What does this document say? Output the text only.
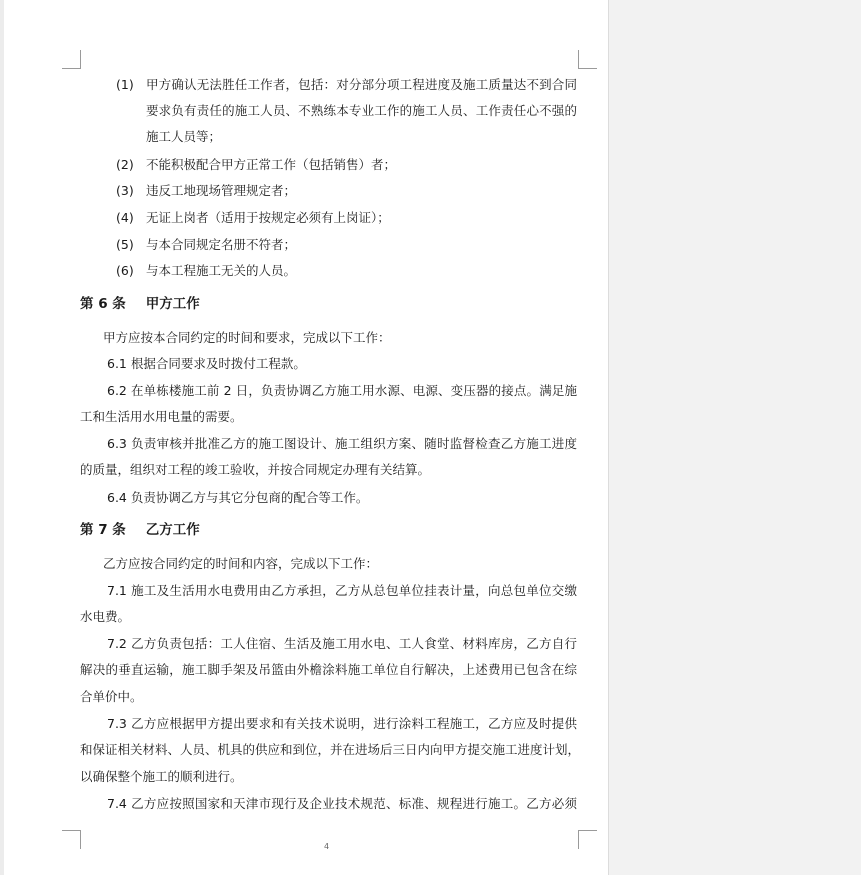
(1) 甲方确认无法胜任工作者，包括：对分部分项工程进度及施工质量达不到合同
要求负有责任的施工人员、不熟练本专业工作的施工人员、工作责任心不强的
施工人员等；
(2) 不能积极配合甲方正常工作（包括销售）者；
(3) 违反工地现场管理规定者；
(4) 无证上岗者（适用于按规定必须有上岗证）；
(5) 与本合同规定名册不符者；
(6) 与本工程施工无关的人员。
第 6 条 甲方工作
甲方应按本合同约定的时间和要求，完成以下工作：
6.1 根据合同要求及时拨付工程款。
6.2 在单栋楼施工前 2 日，负责协调乙方施工用水源、电源、变压器的接点。满足施
工和生活用水用电量的需要。
6.3 负责审核并批准乙方的施工图设计、施工组织方案、随时监督检查乙方施工进度
的质量，组织对工程的竣工验收，并按合同规定办理有关结算。
6.4 负责协调乙方与其它分包商的配合等工作。
第 7 条 乙方工作
乙方应按合同约定的时间和内容，完成以下工作：
7.1 施工及生活用水电费用由乙方承担，乙方从总包单位挂表计量，向总包单位交缴
水电费。
7.2 乙方负责包括：工人住宿、生活及施工用水电、工人食堂、材料库房，乙方自行
解决的垂直运输，施工脚手架及吊篮由外檐涂料施工单位自行解决，上述费用已包含在综
合单价中。
7.3 乙方应根据甲方提出要求和有关技术说明，进行涂料工程施工，乙方应及时提供
和保证相关材料、人员、机具的供应和到位，并在进场后三日内向甲方提交施工进度计划，
以确保整个施工的顺利进行。
7.4 乙方应按照国家和天津市现行及企业技术规范、标准、规程进行施工。乙方必须
4
